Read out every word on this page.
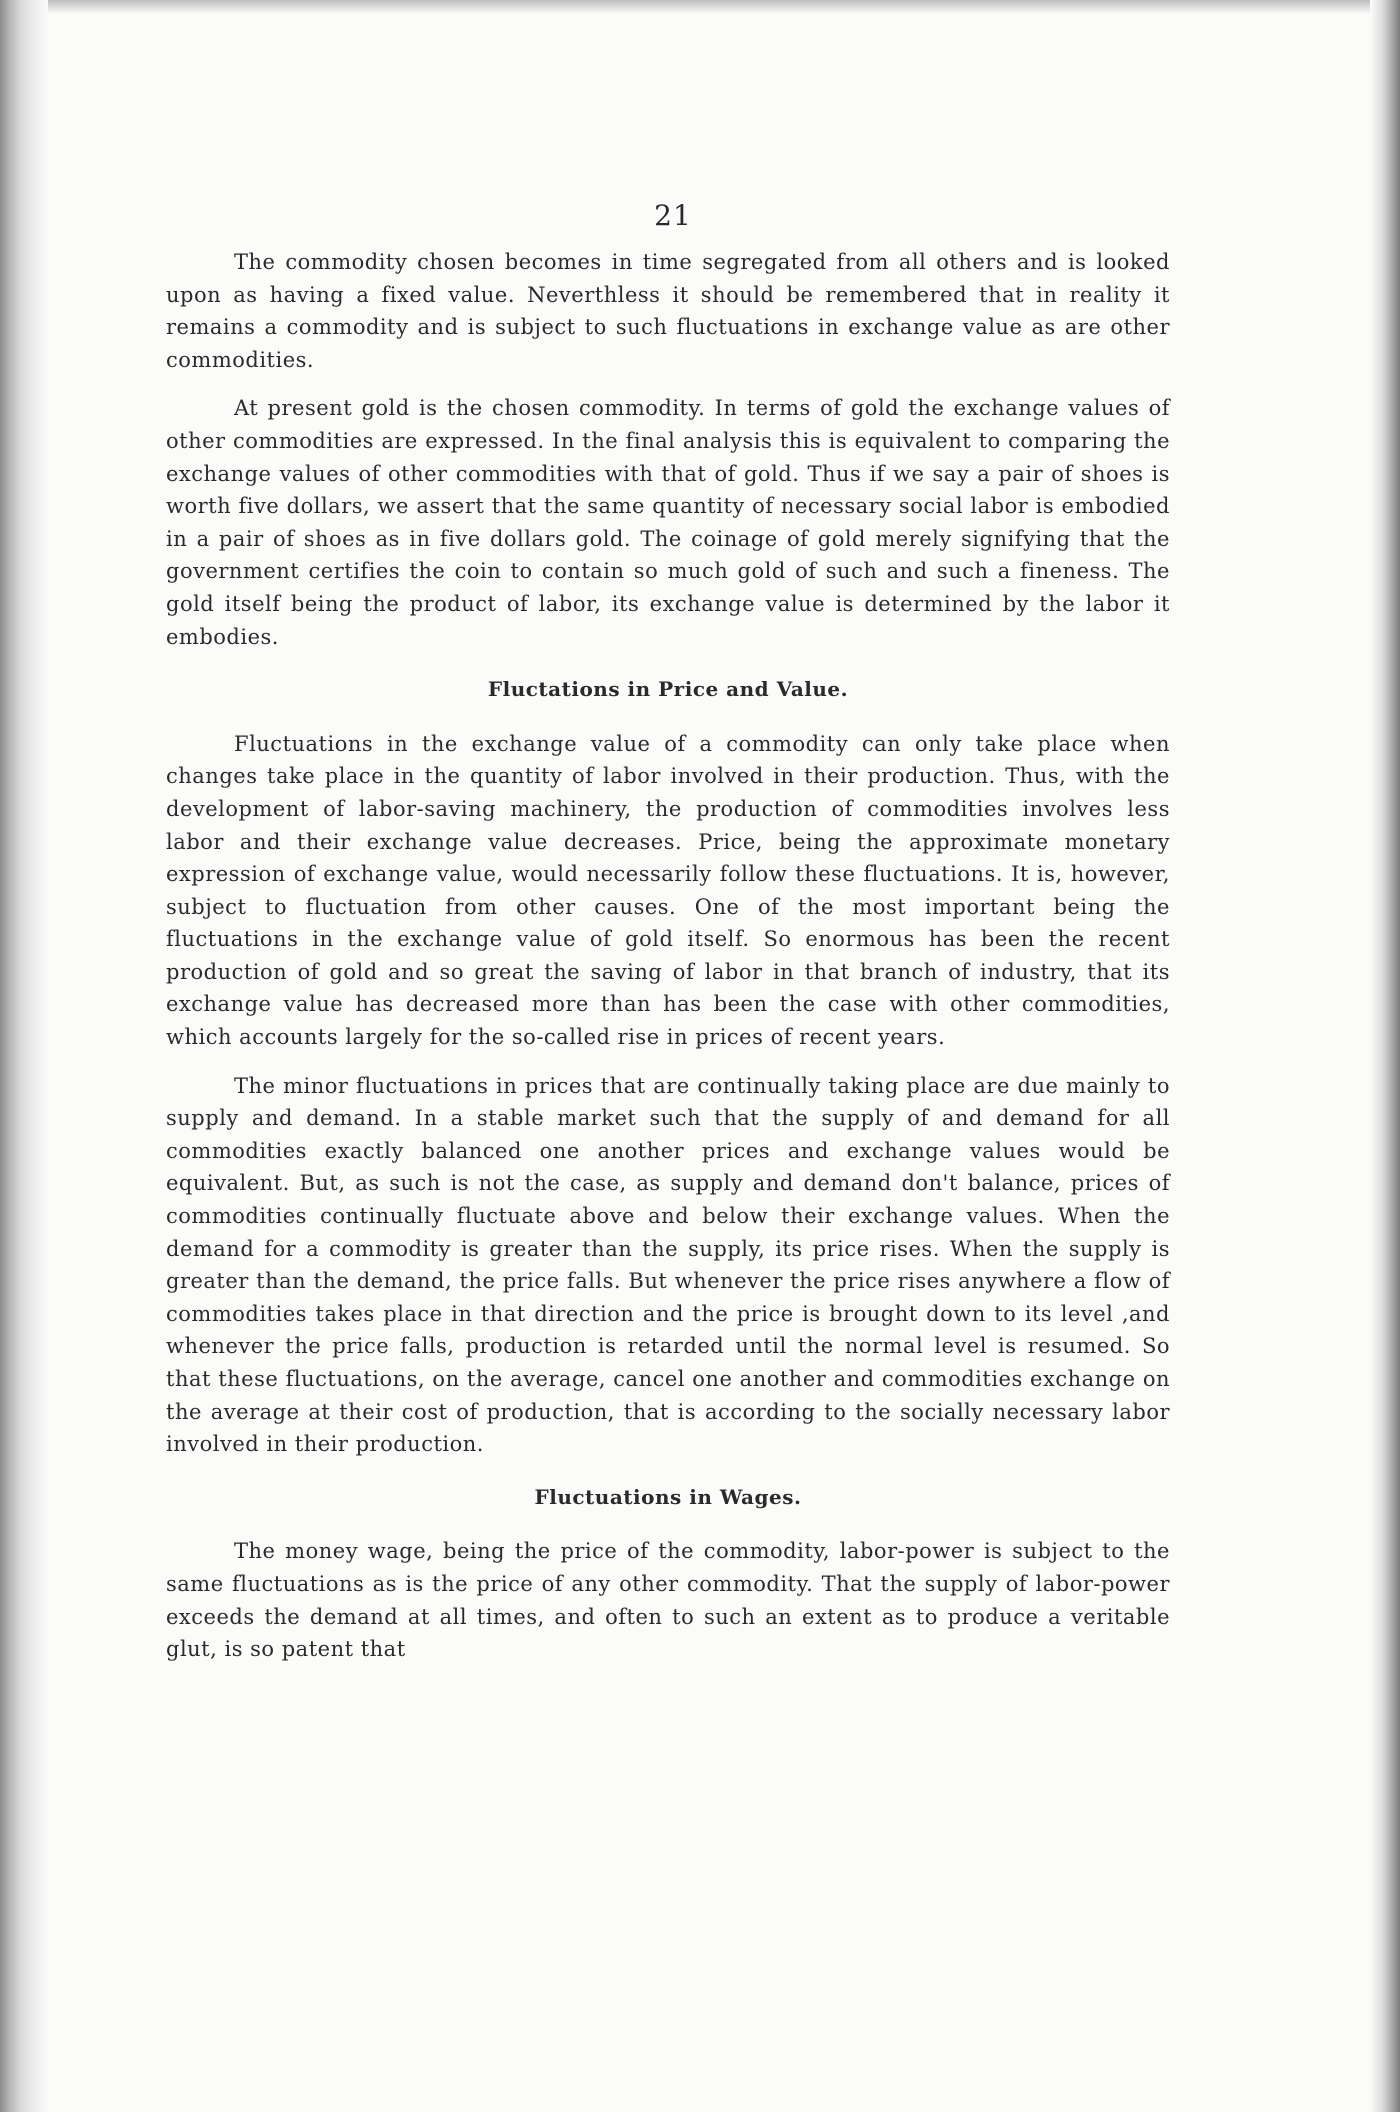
21

The commodity chosen becomes in time segregated from all others and is looked upon as having a fixed value. Neverthless it should be remembered that in reality it remains a commodity and is subject to such fluctuations in exchange value as are other commodities.

At present gold is the chosen commodity. In terms of gold the exchange values of other commodities are expressed. In the final analysis this is equivalent to comparing the exchange values of other commodities with that of gold. Thus if we say a pair of shoes is worth five dollars, we assert that the same quantity of necessary social labor is embodied in a pair of shoes as in five dollars gold. The coinage of gold merely signifying that the government certifies the coin to contain so much gold of such and such a fineness. The gold itself being the product of labor, its exchange value is determined by the labor it embodies.

Fluctations in Price and Value.

Fluctuations in the exchange value of a commodity can only take place when changes take place in the quantity of labor involved in their production. Thus, with the development of labor-saving machinery, the production of commodities involves less labor and their exchange value decreases. Price, being the approximate monetary expression of exchange value, would necessarily follow these fluctuations. It is, however, subject to fluctuation from other causes. One of the most important being the fluctuations in the exchange value of gold itself. So enormous has been the recent production of gold and so great the saving of labor in that branch of industry, that its exchange value has decreased more than has been the case with other commodities, which accounts largely for the so-called rise in prices of recent years.

The minor fluctuations in prices that are continually taking place are due mainly to supply and demand. In a stable market such that the supply of and demand for all commodities exactly balanced one another prices and exchange values would be equivalent. But, as such is not the case, as supply and demand don't balance, prices of commodities continually fluctuate above and below their exchange values. When the demand for a commodity is greater than the supply, its price rises. When the supply is greater than the demand, the price falls. But whenever the price rises anywhere a flow of commodities takes place in that direction and the price is brought down to its level ,and whenever the price falls, production is retarded until the normal level is resumed. So that these fluctuations, on the average, cancel one another and commodities exchange on the average at their cost of production, that is according to the socially necessary labor involved in their production.

Fluctuations in Wages.

The money wage, being the price of the commodity, labor-power is subject to the same fluctuations as is the price of any other commodity. That the supply of labor-power exceeds the demand at all times, and often to such an extent as to produce a veritable glut, is so patent that
